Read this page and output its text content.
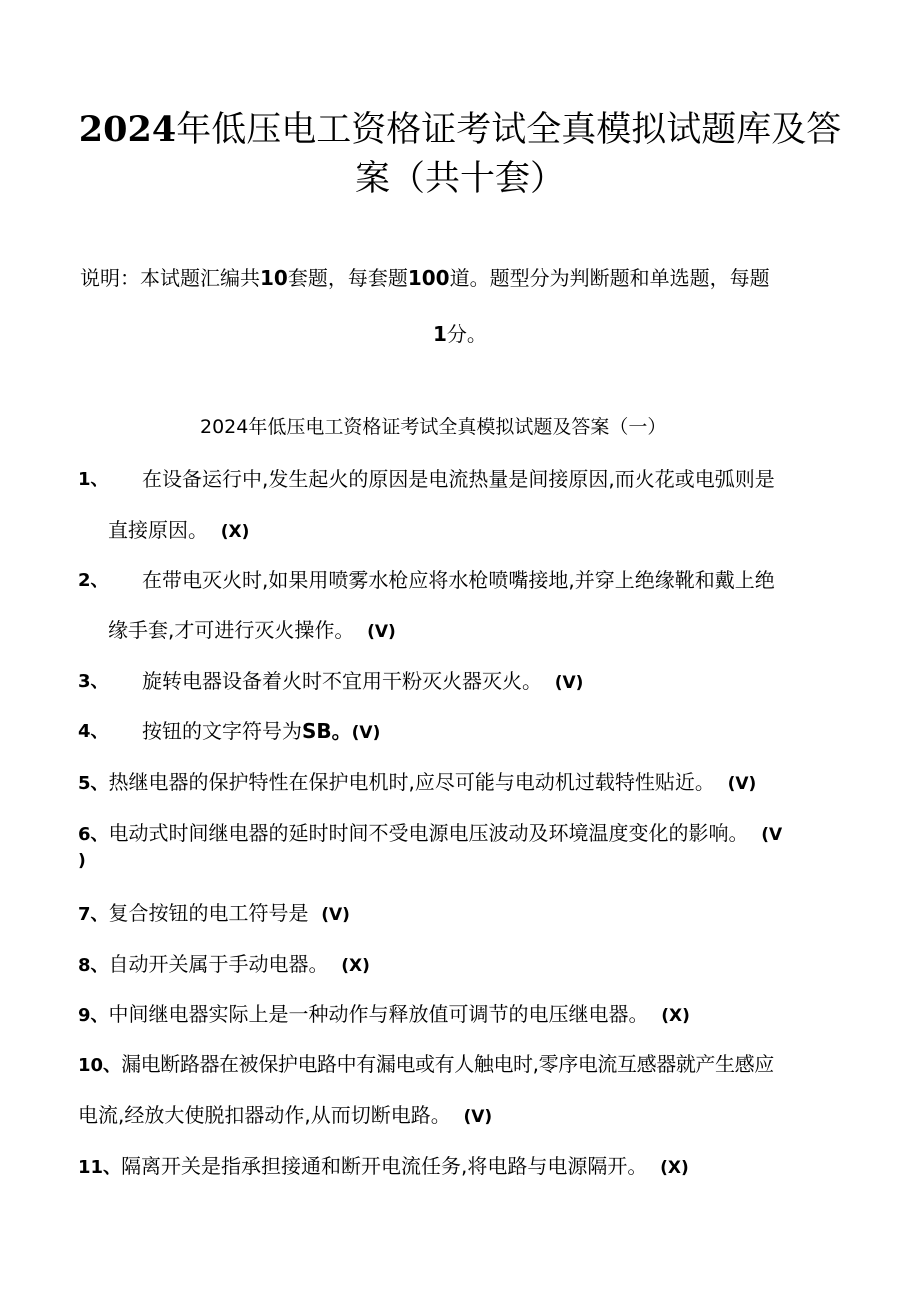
2024年低压电工资格证考试全真模拟试题库及答
案（共十套）
说明：本试题汇编共10套题，每套题100道。题型分为判断题和单选题，每题
1分。
2024年低压电工资格证考试全真模拟试题及答案（一）
1、 在设备运行中,发生起火的原因是电流热量是间接原因,而火花或电弧则是
直接原因。 (X)
2、 在带电灭火时,如果用喷雾水枪应将水枪喷嘴接地,并穿上绝缘靴和戴上绝
缘手套,才可进行灭火操作。 (V)
3、 旋转电器设备着火时不宜用干粉灭火器灭火。 (V)
4、 按钮的文字符号为SB。(V)
5、热继电器的保护特性在保护电机时,应尽可能与电动机过载特性贴近。 (V)
6、电动式时间继电器的延时时间不受电源电压波动及环境温度变化的影响。 (V
)
7、复合按钮的电工符号是 (V)
8、自动开关属于手动电器。 (X)
9、中间继电器实际上是一种动作与释放值可调节的电压继电器。 (X)
10、漏电断路器在被保护电路中有漏电或有人触电时,零序电流互感器就产生感应
电流,经放大使脱扣器动作,从而切断电路。 (V)
11、隔离开关是指承担接通和断开电流任务,将电路与电源隔开。 (X)
